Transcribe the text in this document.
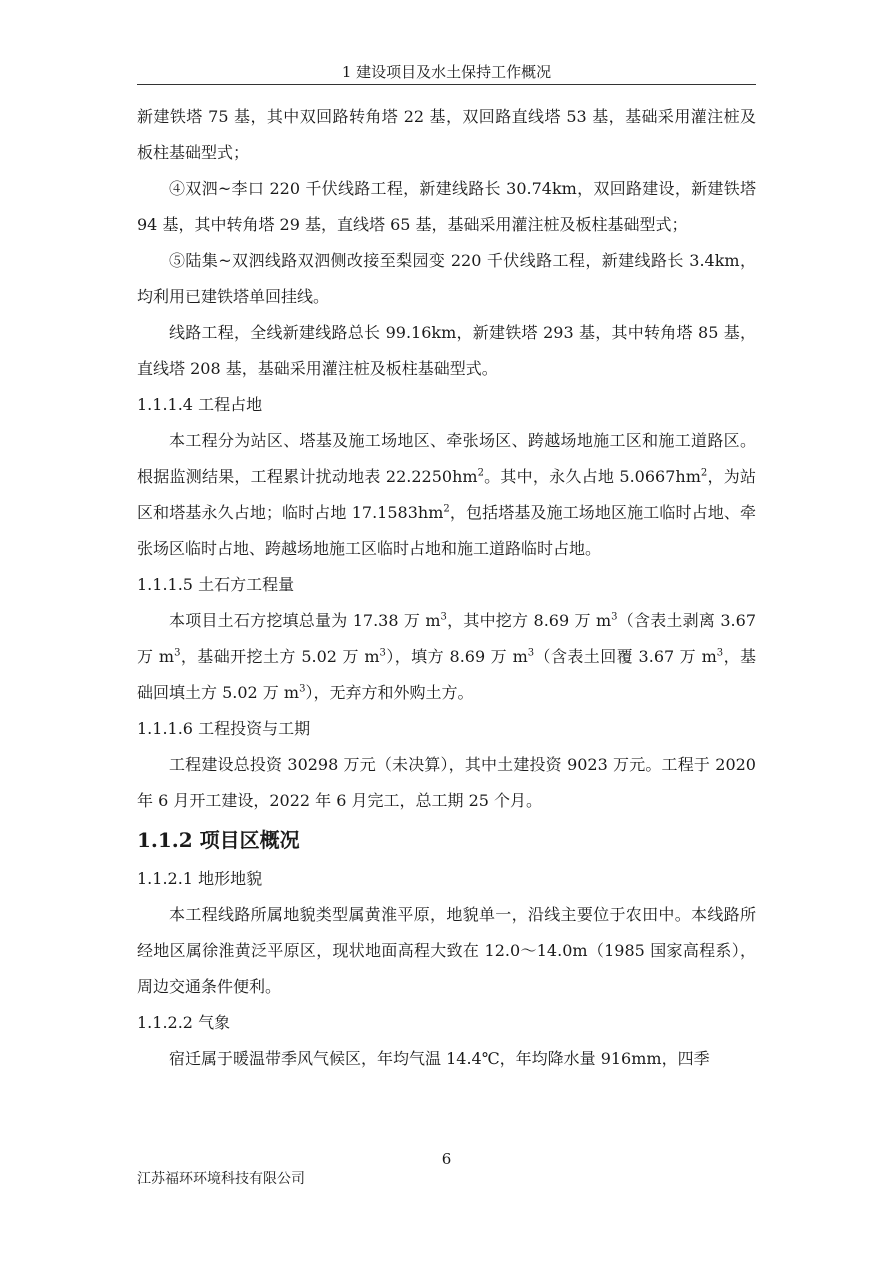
1 建设项目及水土保持工作概况

新建铁塔 75 基，其中双回路转角塔 22 基，双回路直线塔 53 基，基础采用灌注桩及板柱基础型式；

④双泗~李口 220 千伏线路工程，新建线路长 30.74km，双回路建设，新建铁塔 94 基，其中转角塔 29 基，直线塔 65 基，基础采用灌注桩及板柱基础型式；

⑤陆集~双泗线路双泗侧改接至梨园变 220 千伏线路工程，新建线路长 3.4km，均利用已建铁塔单回挂线。

线路工程，全线新建线路总长 99.16km，新建铁塔 293 基，其中转角塔 85 基，直线塔 208 基，基础采用灌注桩及板柱基础型式。

1.1.1.4 工程占地

本工程分为站区、塔基及施工场地区、牵张场区、跨越场地施工区和施工道路区。根据监测结果，工程累计扰动地表 $22.2250hm^2$。其中，永久占地 $5.0667hm^2$，为站区和塔基永久占地；临时占地 $17.1583hm^2$，包括塔基及施工场地区施工临时占地、牵张场区临时占地、跨越场地施工区临时占地和施工道路临时占地。

1.1.1.5 土石方工程量

本项目土石方挖填总量为 17.38 万 $m^3$，其中挖方 8.69 万 $m^3$（含表土剥离 3.67 万 $m^3$，基础开挖土方 5.02 万 $m^3$），填方 8.69 万 $m^3$（含表土回覆 3.67 万 $m^3$，基础回填土方 5.02 万 $m^3$），无弃方和外购土方。

1.1.1.6 工程投资与工期

工程建设总投资 30298 万元（未决算），其中土建投资 9023 万元。工程于 2020 年 6 月开工建设，2022 年 6 月完工，总工期 25 个月。

1.1.2 项目区概况

1.1.2.1 地形地貌

本工程线路所属地貌类型属黄淮平原，地貌单一，沿线主要位于农田中。本线路所经地区属徐淮黄泛平原区，现状地面高程大致在 12.0～14.0m（1985 国家高程系），周边交通条件便利。

1.1.2.2 气象

宿迁属于暖温带季风气候区，年均气温 14.4℃，年均降水量 916mm，四季

6
江苏福环环境科技有限公司
